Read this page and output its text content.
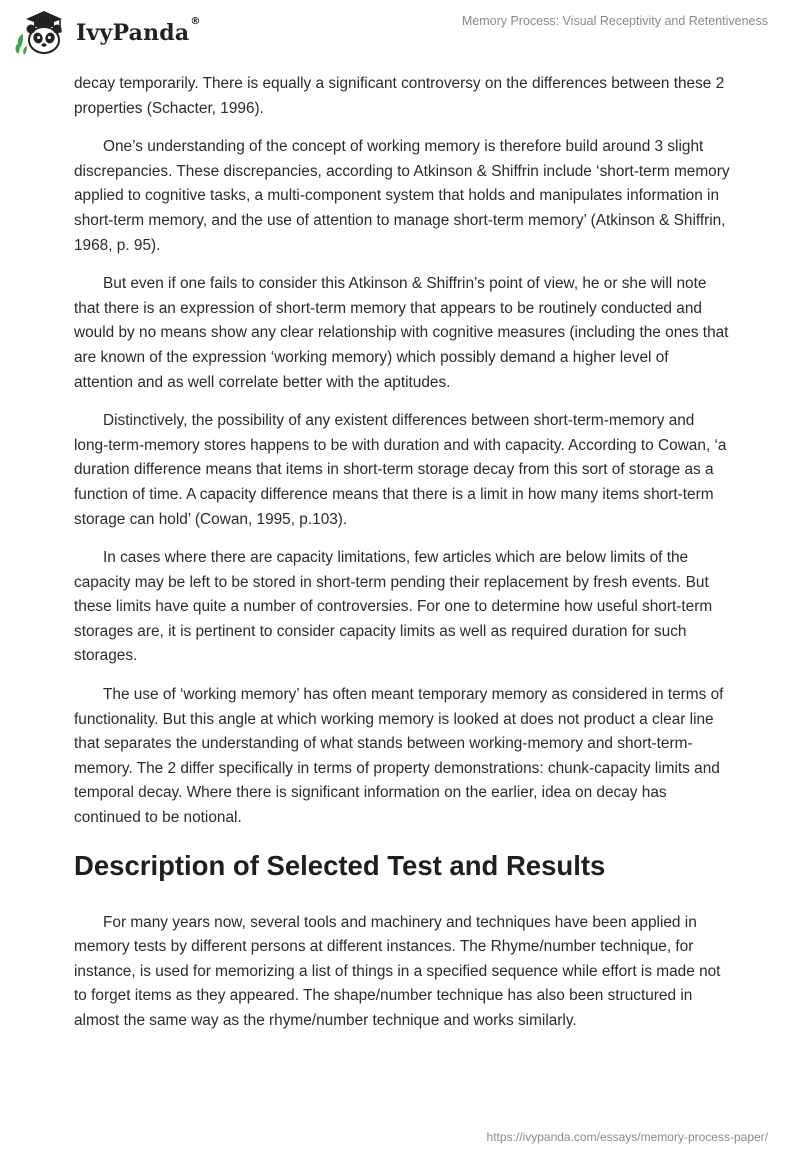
IvyPanda®	Memory Process: Visual Receptivity and Retentiveness

decay temporarily. There is equally a significant controversy on the differences between these 2 properties (Schacter, 1996).

One’s understanding of the concept of working memory is therefore build around 3 slight discrepancies. These discrepancies, according to Atkinson & Shiffrin include ‘short-term memory applied to cognitive tasks, a multi-component system that holds and manipulates information in short-term memory, and the use of attention to manage short-term memory’ (Atkinson & Shiffrin, 1968, p. 95).

But even if one fails to consider this Atkinson & Shiffrin’s point of view, he or she will note that there is an expression of short-term memory that appears to be routinely conducted and would by no means show any clear relationship with cognitive measures (including the ones that are known of the expression ‘working memory) which possibly demand a higher level of attention and as well correlate better with the aptitudes.

Distinctively, the possibility of any existent differences between short-term-memory and long-term-memory stores happens to be with duration and with capacity. According to Cowan, ‘a duration difference means that items in short-term storage decay from this sort of storage as a function of time. A capacity difference means that there is a limit in how many items short-term storage can hold’ (Cowan, 1995, p.103).

In cases where there are capacity limitations, few articles which are below limits of the capacity may be left to be stored in short-term pending their replacement by fresh events. But these limits have quite a number of controversies. For one to determine how useful short-term storages are, it is pertinent to consider capacity limits as well as required duration for such storages.

The use of ‘working memory’ has often meant temporary memory as considered in terms of functionality. But this angle at which working memory is looked at does not product a clear line that separates the understanding of what stands between working-memory and short-term-memory. The 2 differ specifically in terms of property demonstrations: chunk-capacity limits and temporal decay. Where there is significant information on the earlier, idea on decay has continued to be notional.

Description of Selected Test and Results

For many years now, several tools and machinery and techniques have been applied in memory tests by different persons at different instances. The Rhyme/number technique, for instance, is used for memorizing a list of things in a specified sequence while effort is made not to forget items as they appeared. The shape/number technique has also been structured in almost the same way as the rhyme/number technique and works similarly.

https://ivypanda.com/essays/memory-process-paper/
